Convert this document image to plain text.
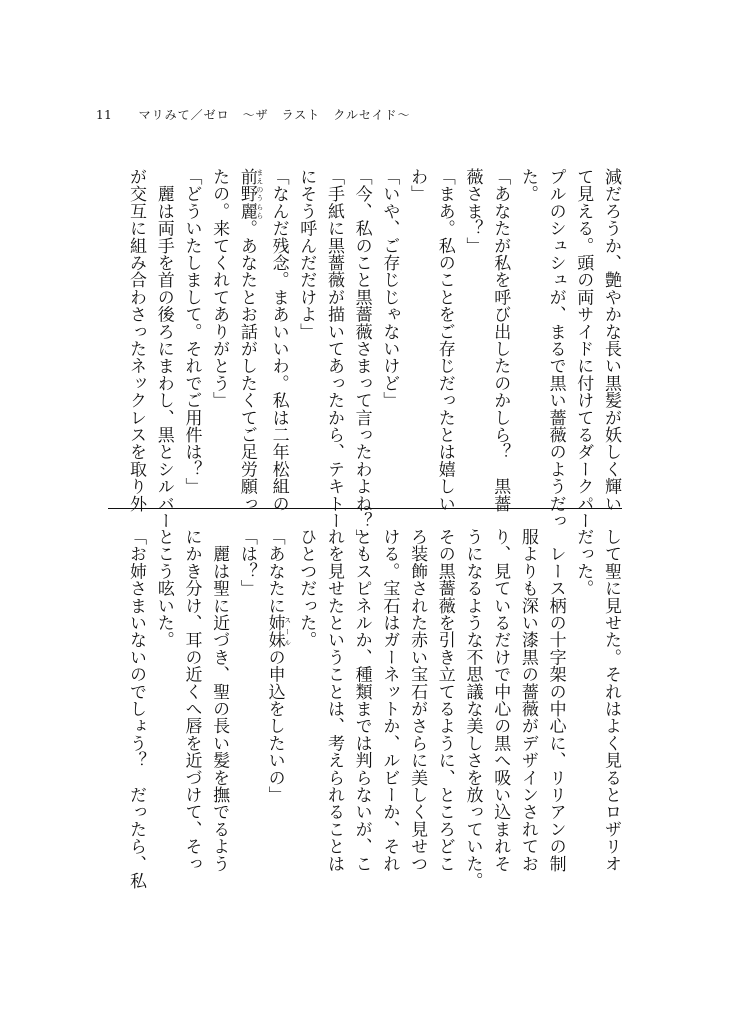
11 マリみて／ゼロ　～ザ　ラスト　クルセイド～
減だろうか、艶やかな長い黒髪が妖しく輝い
て見える。頭の両サイドに付けてるダークパー
プルのシュシュが、まるで黒い薔薇のようだっ
た。
「あなたが私を呼び出したのかしら？　黒薔
薇さま？」
「まあ。私のことをご存じだったとは嬉しい
わ」
「いや、ご存じじゃないけど」
「今、私のこと黒薔薇さまって言ったわよね？」
「手紙に黒薔薇が描いてあったから、テキトー
にそう呼んだだけよ」
「なんだ残念。まあいいわ。私は二年松組の
前野麗 まえのうらら。あなたとお話がしたくてご足労願っ
たの。来てくれてありがとう」
「どういたしまして。それでご用件は？」
　麗は両手を首の後ろにまわし、黒とシルバー
が交互に組み合わさったネックレスを取り外
して聖に見せた。それはよく見るとロザリオ
だった。
　レース柄の十字架の中心に、リリアンの制
服よりも深い漆黒の薔薇がデザインされてお
り、見ているだけで中心の黒へ吸い込まれそ
うになるような不思議な美しさを放っていた。
その黒薔薇を引き立てるように、ところどこ
ろ装飾された赤い宝石がさらに美しく見せつ
ける。宝石はガーネットか、ルビーか、それ
ともスピネルか、種類までは判らないが、こ
れを見せたということは、考えられることは
ひとつだった。
「あなたに姉妹 スールの申込をしたいの」
「は？」
　麗は聖に近づき、聖の長い髪を撫でるよう
にかき分け、耳の近くへ唇を近づけて、そっ
とこう呟いた。
「お姉さまいないのでしょう？　だったら、私
